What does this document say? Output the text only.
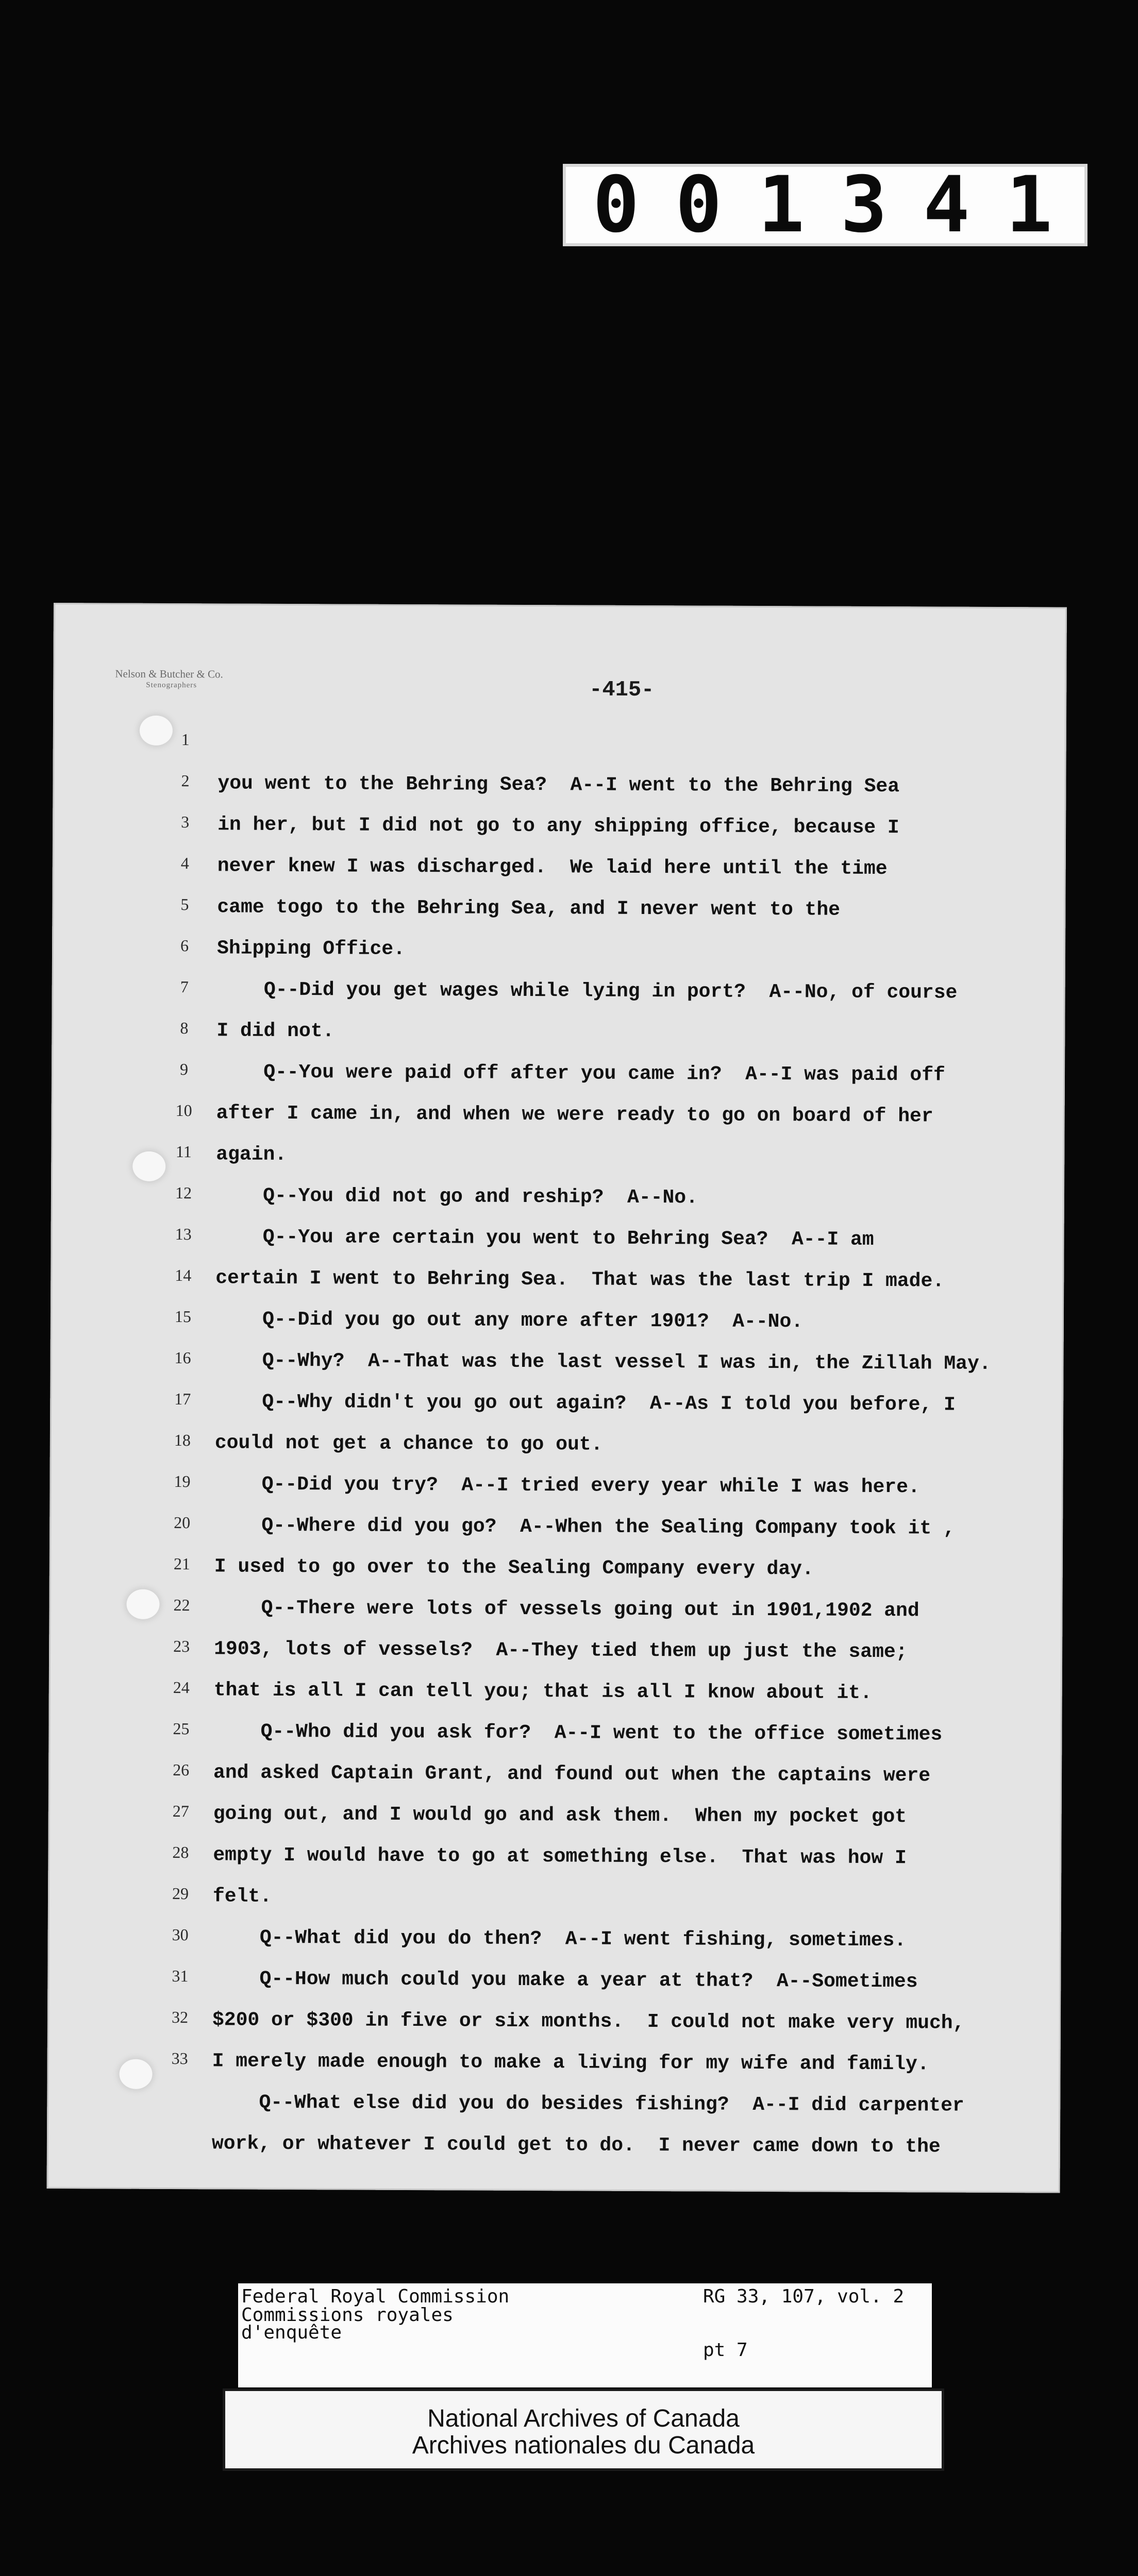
001341
Nelson & Butcher & Co.
Stenographers	-415-
1
2
3
4
5
6
7
8
9
10
11
12
13
14
15
16
17
18
19
20
21
22
23
24
25
26
27
28
29
30
31
32
33
you went to the Behring Sea?  A--I went to the Behring Sea
in her, but I did not go to any shipping office, because I
never knew I was discharged.  We laid here until the time
came togo to the Behring Sea, and I never went to the
Shipping Office.
Q--Did you get wages while lying in port?  A--No, of course
I did not.
Q--You were paid off after you came in?  A--I was paid off
after I came in, and when we were ready to go on board of her
again.
Q--You did not go and reship?  A--No.
Q--You are certain you went to Behring Sea?  A--I am
certain I went to Behring Sea.  That was the last trip I made.
Q--Did you go out any more after 1901?  A--No.
Q--Why?  A--That was the last vessel I was in, the Zillah May.
Q--Why didn't you go out again?  A--As I told you before, I
could not get a chance to go out.
Q--Did you try?  A--I tried every year while I was here.
Q--Where did you go?  A--When the Sealing Company took it ,
I used to go over to the Sealing Company every day.
Q--There were lots of vessels going out in 1901,1902 and
1903, lots of vessels?  A--They tied them up just the same;
that is all I can tell you; that is all I know about it.
Q--Who did you ask for?  A--I went to the office sometimes
and asked Captain Grant, and found out when the captains were
going out, and I would go and ask them.  When my pocket got
empty I would have to go at something else.  That was how I
felt.
Q--What did you do then?  A--I went fishing, sometimes.
Q--How much could you make a year at that?  A--Sometimes
$200 or $300 in five or six months.  I could not make very much,
I merely made enough to make a living for my wife and family.
Q--What else did you do besides fishing?  A--I did carpenter
work, or whatever I could get to do.  I never came down to the
Federal Royal Commission
Commissions royales
d'enquête
RG 33, 107, vol. 2
pt 7
National Archives of Canada
Archives nationales du Canada
